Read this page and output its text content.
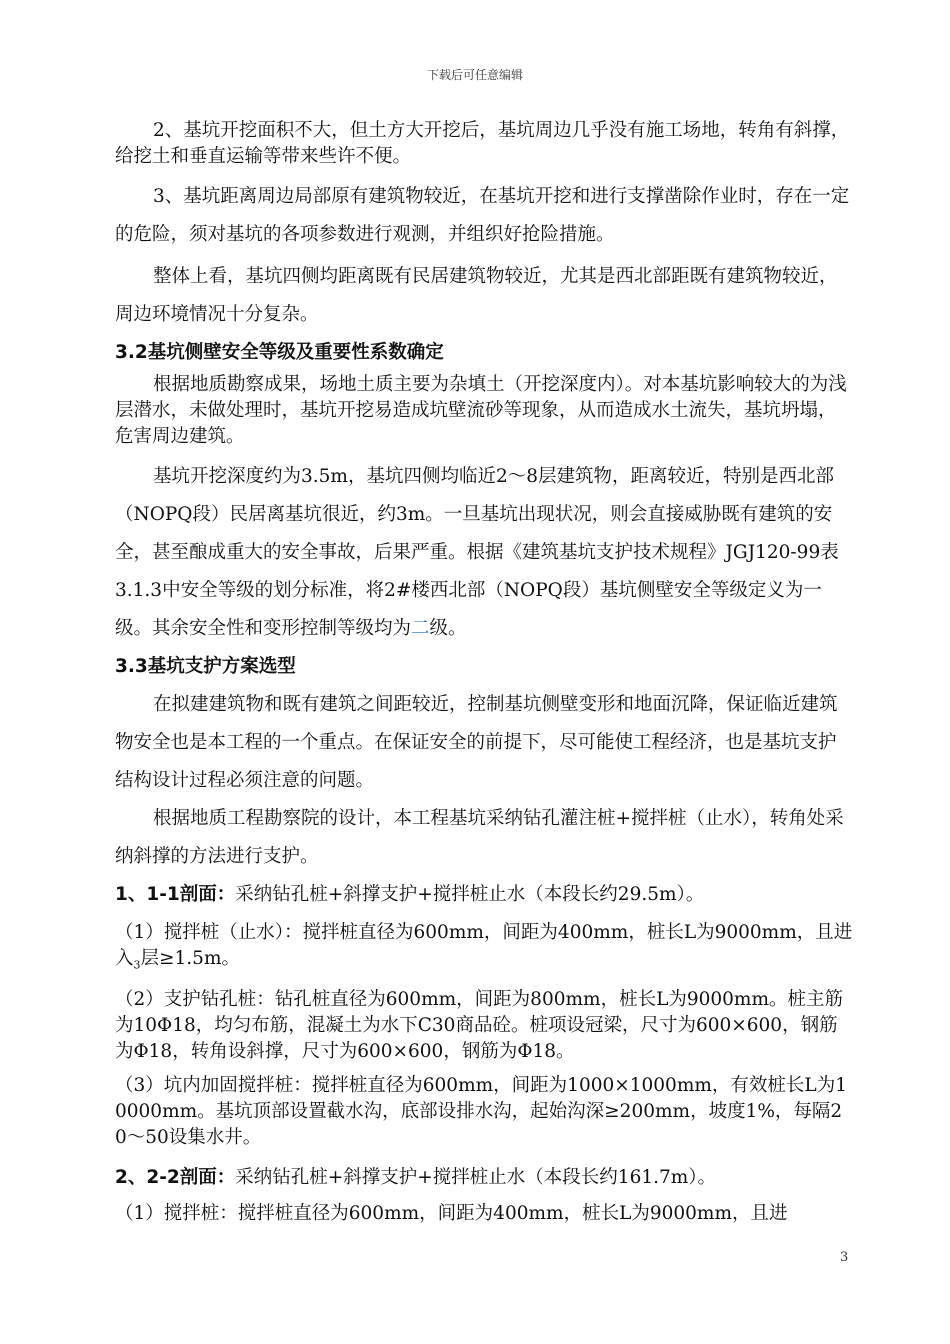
下载后可任意编辑

2、基坑开挖面积不大，但土方大开挖后，基坑周边几乎没有施工场地，转角有斜撑，给挖土和垂直运输等带来些许不便。

3、基坑距离周边局部原有建筑物较近，在基坑开挖和进行支撑凿除作业时，存在一定的危险，须对基坑的各项参数进行观测，并组织好抢险措施。

整体上看，基坑四侧均距离既有民居建筑物较近，尤其是西北部距既有建筑物较近，周边环境情况十分复杂。

3.2基坑侧壁安全等级及重要性系数确定

根据地质勘察成果，场地土质主要为杂填土（开挖深度内）。对本基坑影响较大的为浅层潜水，未做处理时，基坑开挖易造成坑壁流砂等现象，从而造成水土流失，基坑坍塌，危害周边建筑。

基坑开挖深度约为3.5m，基坑四侧均临近2～8层建筑物，距离较近，特别是西北部（NOPQ段）民居离基坑很近，约3m。一旦基坑出现状况，则会直接威胁既有建筑的安全，甚至酿成重大的安全事故，后果严重。根据《建筑基坑支护技术规程》JGJ120-99表3.1.3中安全等级的划分标准，将2#楼西北部（NOPQ段）基坑侧壁安全等级定义为一级。其余安全性和变形控制等级均为二级。

3.3基坑支护方案选型

在拟建建筑物和既有建筑之间距较近，控制基坑侧壁变形和地面沉降，保证临近建筑物安全也是本工程的一个重点。在保证安全的前提下，尽可能使工程经济，也是基坑支护结构设计过程必须注意的问题。

根据地质工程勘察院的设计，本工程基坑采纳钻孔灌注桩+搅拌桩（止水），转角处采纳斜撑的方法进行支护。

1、1-1剖面：采纳钻孔桩+斜撑支护+搅拌桩止水（本段长约29.5m）。

（1）搅拌桩（止水）：搅拌桩直径为600mm，间距为400mm，桩长L为9000mm，且进入$_3$层≥1.5m。

（2）支护钻孔桩：钻孔桩直径为600mm，间距为800mm，桩长L为9000mm。桩主筋为10Φ18，均匀布筋，混凝土为水下C30商品砼。桩项设冠梁，尺寸为600×600，钢筋为Φ18，转角设斜撑，尺寸为600×600，钢筋为Φ18。

（3）坑内加固搅拌桩：搅拌桩直径为600mm，间距为1000×1000mm，有效桩长L为10000mm。基坑顶部设置截水沟，底部设排水沟，起始沟深≥200mm，坡度1%，每隔20～50设集水井。

2、2-2剖面：采纳钻孔桩+斜撑支护+搅拌桩止水（本段长约161.7m）。

（1）搅拌桩：搅拌桩直径为600mm，间距为400mm，桩长L为9000mm，且进

3
